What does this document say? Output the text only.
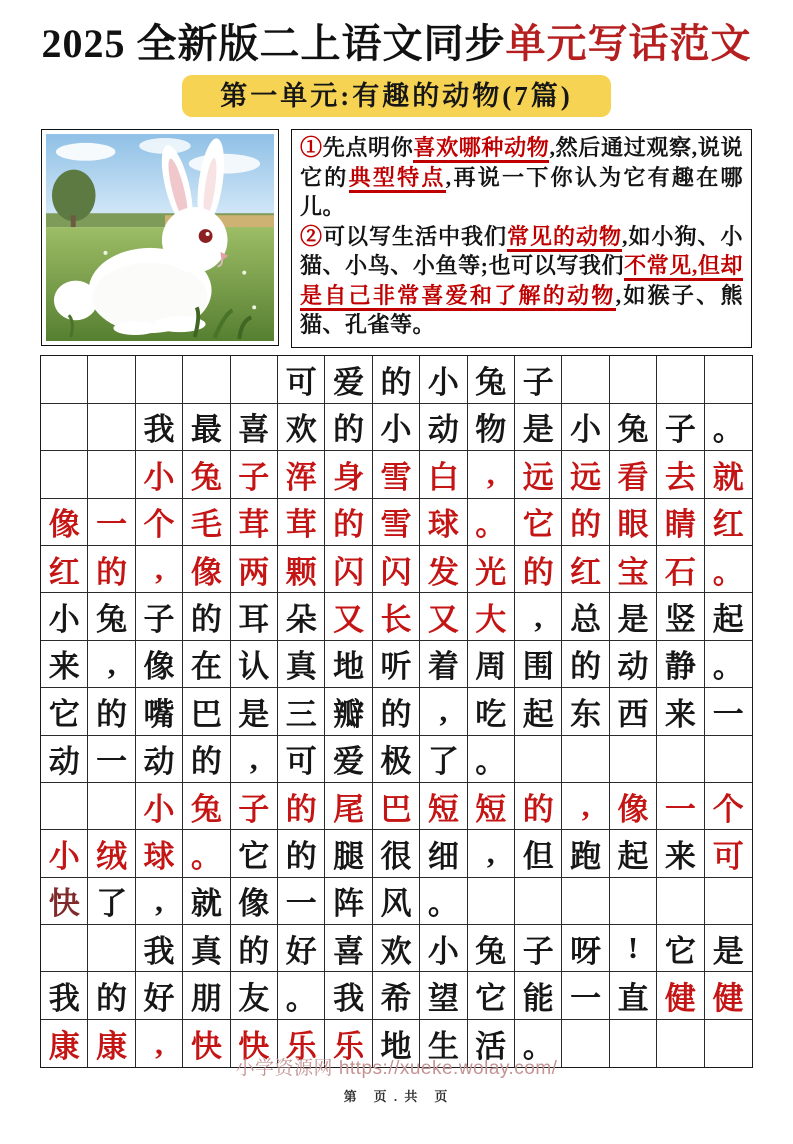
2025 全新版二上语文同步单元写话范文
第一单元:有趣的动物(7篇)

①先点明你喜欢哪种动物,然后通过观察,说说它的典型特点,再说一下你认为它有趣在哪儿。

②可以写生活中我们常见的动物,如小狗、小猫、小鸟、小鱼等;也可以写我们不常见,但却是自己非常喜爱和了解的动物,如猴子、熊猫、孔雀等。

可 爱 的 小 兔 子
我 最 喜 欢 的 小 动 物 是 小 兔 子 。
小 兔 子 浑 身 雪 白 , 远 远 看 去 就
像 一 个 毛 茸 茸 的 雪 球 。 它 的 眼 睛 红
红 的 , 像 两 颗 闪 闪 发 光 的 红 宝 石 。
小 兔 子 的 耳 朵 又 长 又 大 , 总 是 竖 起
来 , 像 在 认 真 地 听 着 周 围 的 动 静 。
它 的 嘴 巴 是 三 瓣 的 , 吃 起 东 西 来 一
动 一 动 的 , 可 爱 极 了 。
小 兔 子 的 尾 巴 短 短 的 , 像 一 个
小 绒 球 。 它 的 腿 很 细 , 但 跑 起 来 可
快 了 , 就 像 一 阵 风 。
我 真 的 好 喜 欢 小 兔 子 呀 ! 它 是
我 的 好 朋 友 。 我 希 望 它 能 一 直 健 健
康 康 , 快 快 乐 乐 地 生 活 。
小学资源网 https://xueke.wolay.com/
第　页 . 共　页
